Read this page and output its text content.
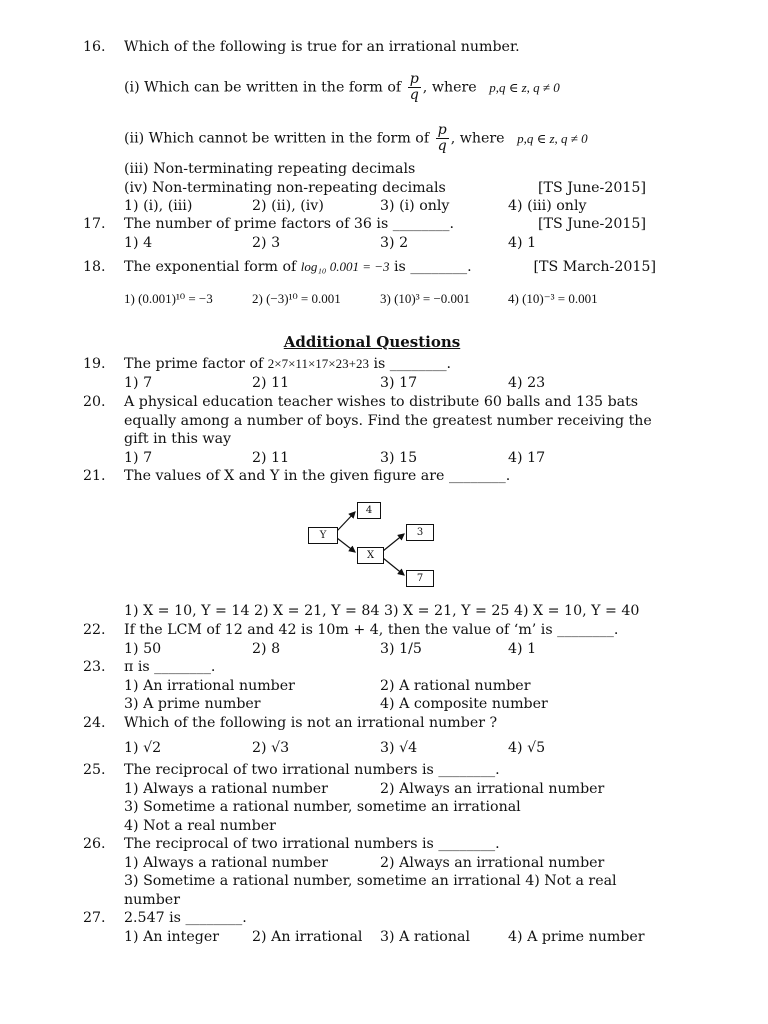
16. Which of the following is true for an irrational number.
(i) Which can be written in the form of $\frac{p}{q}$ , where p,q ∈ z, q ≠ 0
(ii) Which cannot be written in the form of $\frac{p}{q}$ , where p,q ∈ z, q ≠ 0
(iii) Non-terminating repeating decimals
(iv) Non-terminating non-repeating decimals	[TS June-2015]
1) (i), (iii)	2) (ii), (iv)	3) (i) only	4) (iii) only
17. The number of prime factors of 36 is ________.	[TS June-2015]
1) 4	2) 3	3) 2	4) 1
18. The exponential form of log₁₀ 0.001 = −3 is ________.	[TS March-2015]
1) (0.001)¹⁰ = −3	2) (−3)¹⁰ = 0.001	3) (10)³ = −0.001	4) (10)⁻³ = 0.001
Additional Questions
19. The prime factor of 2×7×11×17×23+23 is ________.
1) 7	2) 11	3) 17	4) 23
20. A physical education teacher wishes to distribute 60 balls and 135 bats
equally among a number of boys. Find the greatest number receiving the
gift in this way
1) 7	2) 11	3) 15	4) 17
21. The values of X and Y in the given figure are ________.
Y
4
X
3
7
1) X = 10, Y = 14 2) X = 21, Y = 84 3) X = 21, Y = 25 4) X = 10, Y = 40
22. If the LCM of 12 and 42 is 10m + 4, then the value of ‘m’ is ________.
1) 50	2) 8	3) 1/5	4) 1
23. π is ________.
1) An irrational number	2) A rational number
3) A prime number	4) A composite number
24. Which of the following is not an irrational number ?
1) √2	2) √3	3) √4	4) √5
25. The reciprocal of two irrational numbers is ________.
1) Always a rational number	2) Always an irrational number
3) Sometime a rational number, sometime an irrational
4) Not a real number
26. The reciprocal of two irrational numbers is ________.
1) Always a rational number	2) Always an irrational number
3) Sometime a rational number, sometime an irrational 4) Not a real
number
27. 2.547 is ________.
1) An integer 2) An irrational 3) A rational	4) A prime number
